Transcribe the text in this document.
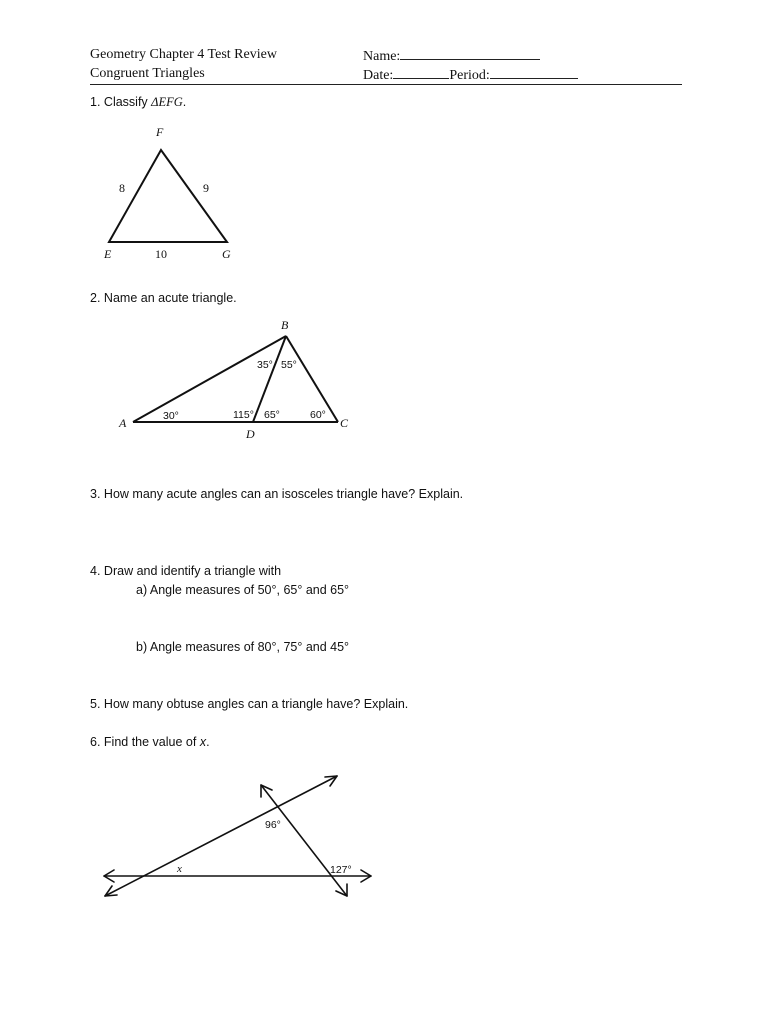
Geometry Chapter 4 Test Review
Congruent Triangles
Name:
Date:	Period:
1. Classify ΔEFG.
F
E	G
8	9
10
2. Name an acute triangle.
B
A	C
D
35° 55°
30°	115° 65°	60°
3. How many acute angles can an isosceles triangle have? Explain.
4. Draw and identify a triangle with
a) Angle measures of 50°, 65° and 65°
b) Angle measures of 80°, 75° and 45°
5. How many obtuse angles can a triangle have? Explain.
6. Find the value of x.
96°
127°
x
